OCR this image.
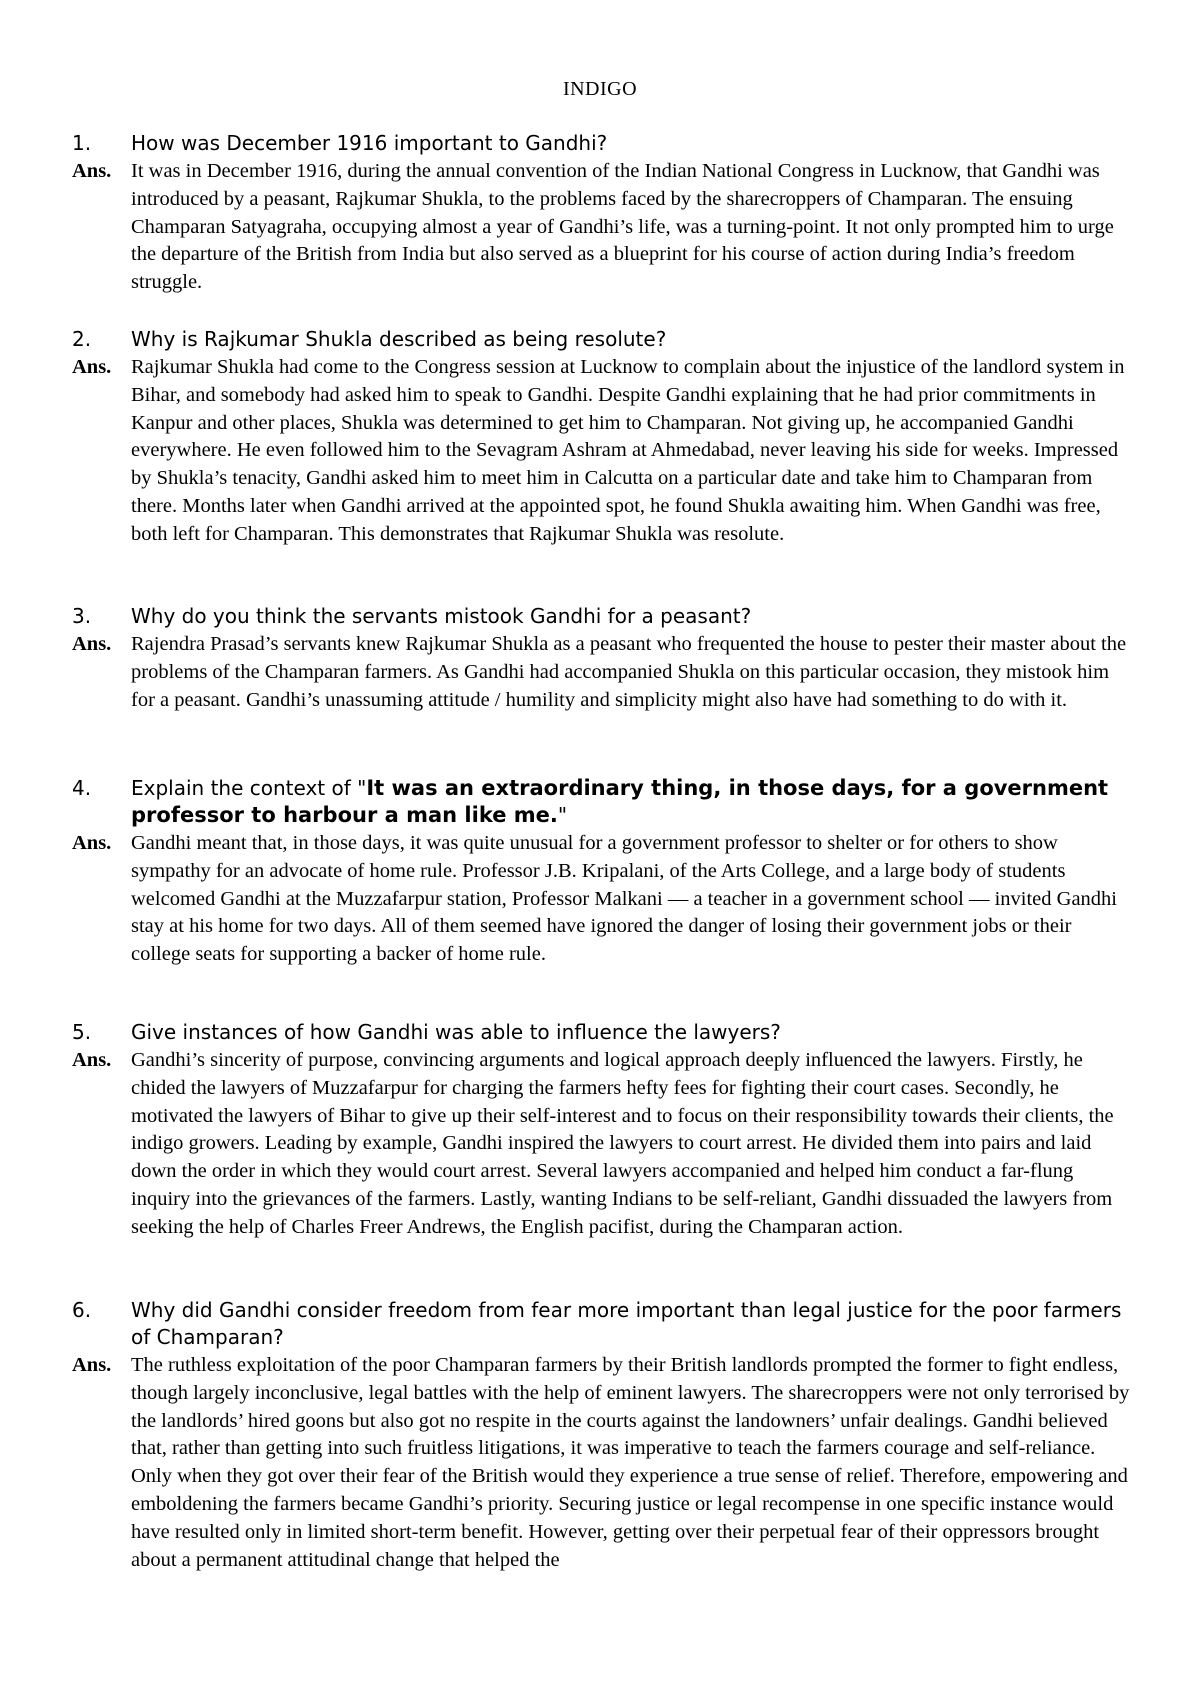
INDIGO
1.	How was December 1916 important to Gandhi?
Ans. It was in December 1916, during the annual convention of the Indian National Congress in Lucknow, that Gandhi was introduced by a peasant, Rajkumar Shukla, to the problems faced by the sharecroppers of Champaran. The ensuing Champaran Satyagraha, occupying almost a year of Gandhi’s life, was a turning-point. It not only prompted him to urge the departure of the British from India but also served as a blueprint for his course of action during India’s freedom struggle.
2.	Why is Rajkumar Shukla described as being resolute?
Ans. Rajkumar Shukla had come to the Congress session at Lucknow to complain about the injustice of the landlord system in Bihar, and somebody had asked him to speak to Gandhi. Despite Gandhi explaining that he had prior commitments in Kanpur and other places, Shukla was determined to get him to Champaran. Not giving up, he accompanied Gandhi everywhere. He even followed him to the Sevagram Ashram at Ahmedabad, never leaving his side for weeks. Impressed by Shukla’s tenacity, Gandhi asked him to meet him in Calcutta on a particular date and take him to Champaran from there. Months later when Gandhi arrived at the appointed spot, he found Shukla awaiting him. When Gandhi was free, both left for Champaran. This demonstrates that Rajkumar Shukla was resolute.
3.	Why do you think the servants mistook Gandhi for a peasant?
Ans. Rajendra Prasad’s servants knew Rajkumar Shukla as a peasant who frequented the house to pester their master about the problems of the Champaran farmers. As Gandhi had accompanied Shukla on this particular occasion, they mistook him for a peasant. Gandhi’s unassuming attitude / humility and simplicity might also have had something to do with it.
4.	Explain the context of "It was an extraordinary thing, in those days, for a government professor to harbour a man like me."
Ans. Gandhi meant that, in those days, it was quite unusual for a government professor to shelter or for others to show sympathy for an advocate of home rule. Professor J.B. Kripalani, of the Arts College, and a large body of students welcomed Gandhi at the Muzzafarpur station, Professor Malkani — a teacher in a government school — invited Gandhi stay at his home for two days. All of them seemed have ignored the danger of losing their government jobs or their college seats for supporting a backer of home rule.
5.	Give instances of how Gandhi was able to influence the lawyers?
Ans. Gandhi’s sincerity of purpose, convincing arguments and logical approach deeply influenced the lawyers. Firstly, he chided the lawyers of Muzzafarpur for charging the farmers hefty fees for fighting their court cases. Secondly, he motivated the lawyers of Bihar to give up their self-interest and to focus on their responsibility towards their clients, the indigo growers. Leading by example, Gandhi inspired the lawyers to court arrest. He divided them into pairs and laid down the order in which they would court arrest. Several lawyers accompanied and helped him conduct a far-flung inquiry into the grievances of the farmers. Lastly, wanting Indians to be self-reliant, Gandhi dissuaded the lawyers from seeking the help of Charles Freer Andrews, the English pacifist, during the Champaran action.
6.	Why did Gandhi consider freedom from fear more important than legal justice for the poor farmers of Champaran?
Ans. The ruthless exploitation of the poor Champaran farmers by their British landlords prompted the former to fight endless, though largely inconclusive, legal battles with the help of eminent lawyers. The sharecroppers were not only terrorised by the landlords’ hired goons but also got no respite in the courts against the landowners’ unfair dealings. Gandhi believed that, rather than getting into such fruitless litigations, it was imperative to teach the farmers courage and self-reliance. Only when they got over their fear of the British would they experience a true sense of relief. Therefore, empowering and emboldening the farmers became Gandhi’s priority. Securing justice or legal recompense in one specific instance would have resulted only in limited short-term benefit. However, getting over their perpetual fear of their oppressors brought about a permanent attitudinal change that helped the
